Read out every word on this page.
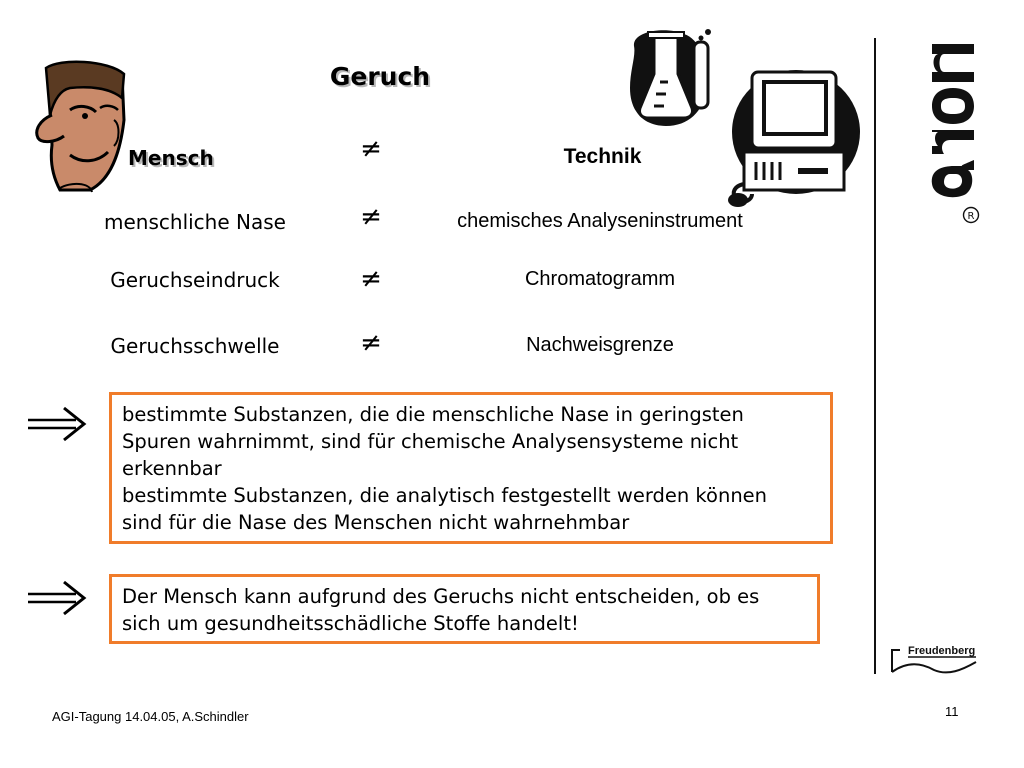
Geruch
Mensch	≠	Technik
menschliche Nase	≠	chemisches Analyseninstrument
Geruchseindruck	≠	Chromatogramm
Geruchsschwelle	≠	Nachweisgrenze
R

bestimmte Substanzen, die die menschliche Nase in geringsten

Spuren wahrnimmt, sind für chemische Analysensysteme nicht

erkennbar

bestimmte Substanzen, die analytisch festgestellt werden können

sind für die Nase des Menschen nicht wahrnehmbar

Der Mensch kann aufgrund des Geruchs nicht entscheiden, ob es

sich um gesundheitsschädliche Stoffe handelt!

Freudenberg
AGI-Tagung 14.04.05, A.Schindler	11
